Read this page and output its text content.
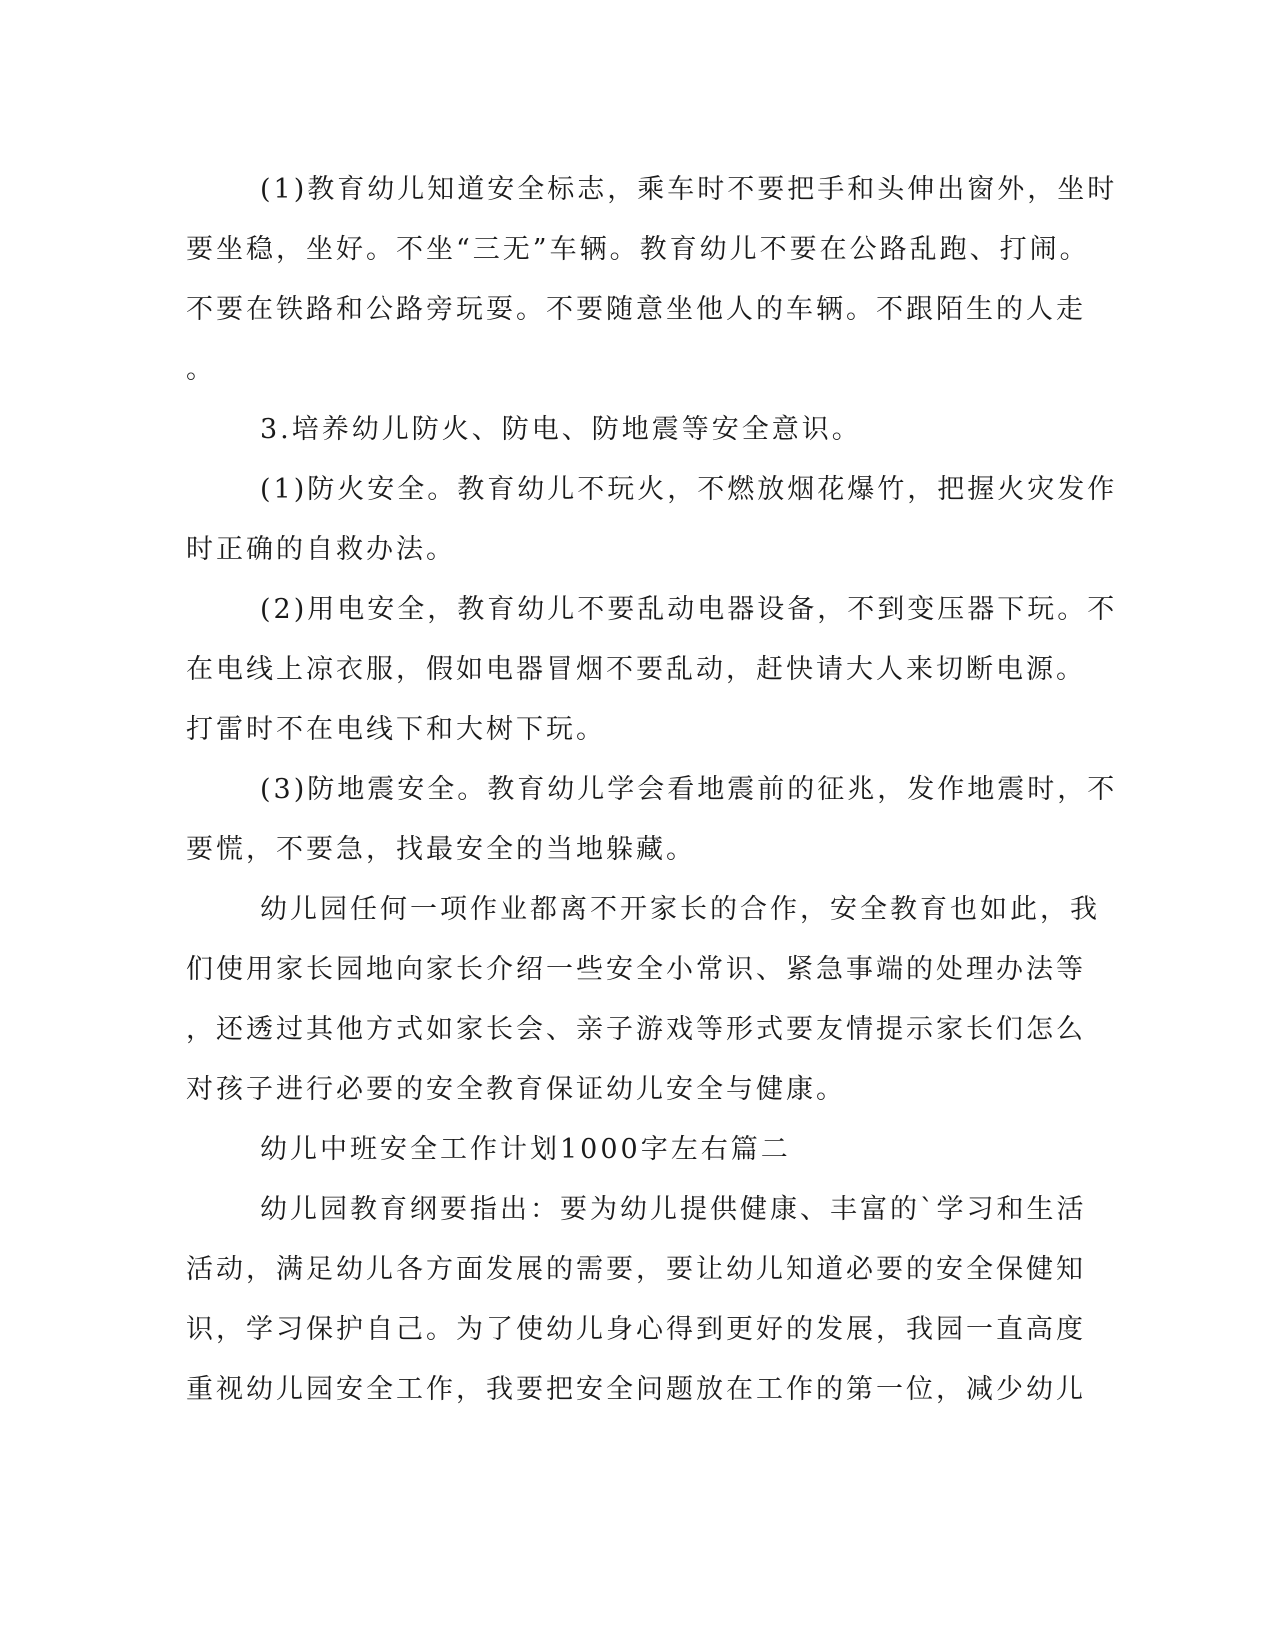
(1)教育幼儿知道安全标志，乘车时不要把手和头伸出窗外，坐时
要坐稳，坐好。不坐“三无”车辆。教育幼儿不要在公路乱跑、打闹。
不要在铁路和公路旁玩耍。不要随意坐他人的车辆。不跟陌生的人走
。
3.培养幼儿防火、防电、防地震等安全意识。
(1)防火安全。教育幼儿不玩火，不燃放烟花爆竹，把握火灾发作
时正确的自救办法。
(2)用电安全，教育幼儿不要乱动电器设备，不到变压器下玩。不
在电线上凉衣服，假如电器冒烟不要乱动，赶快请大人来切断电源。
打雷时不在电线下和大树下玩。
(3)防地震安全。教育幼儿学会看地震前的征兆，发作地震时，不
要慌，不要急，找最安全的当地躲藏。
幼儿园任何一项作业都离不开家长的合作，安全教育也如此，我
们使用家长园地向家长介绍一些安全小常识、紧急事端的处理办法等
，还透过其他方式如家长会、亲子游戏等形式要友情提示家长们怎么
对孩子进行必要的安全教育保证幼儿安全与健康。
幼儿中班安全工作计划1000字左右篇二
幼儿园教育纲要指出：要为幼儿提供健康、丰富的`学习和生活
活动，满足幼儿各方面发展的需要，要让幼儿知道必要的安全保健知
识，学习保护自己。为了使幼儿身心得到更好的发展，我园一直高度
重视幼儿园安全工作，我要把安全问题放在工作的第一位，减少幼儿
